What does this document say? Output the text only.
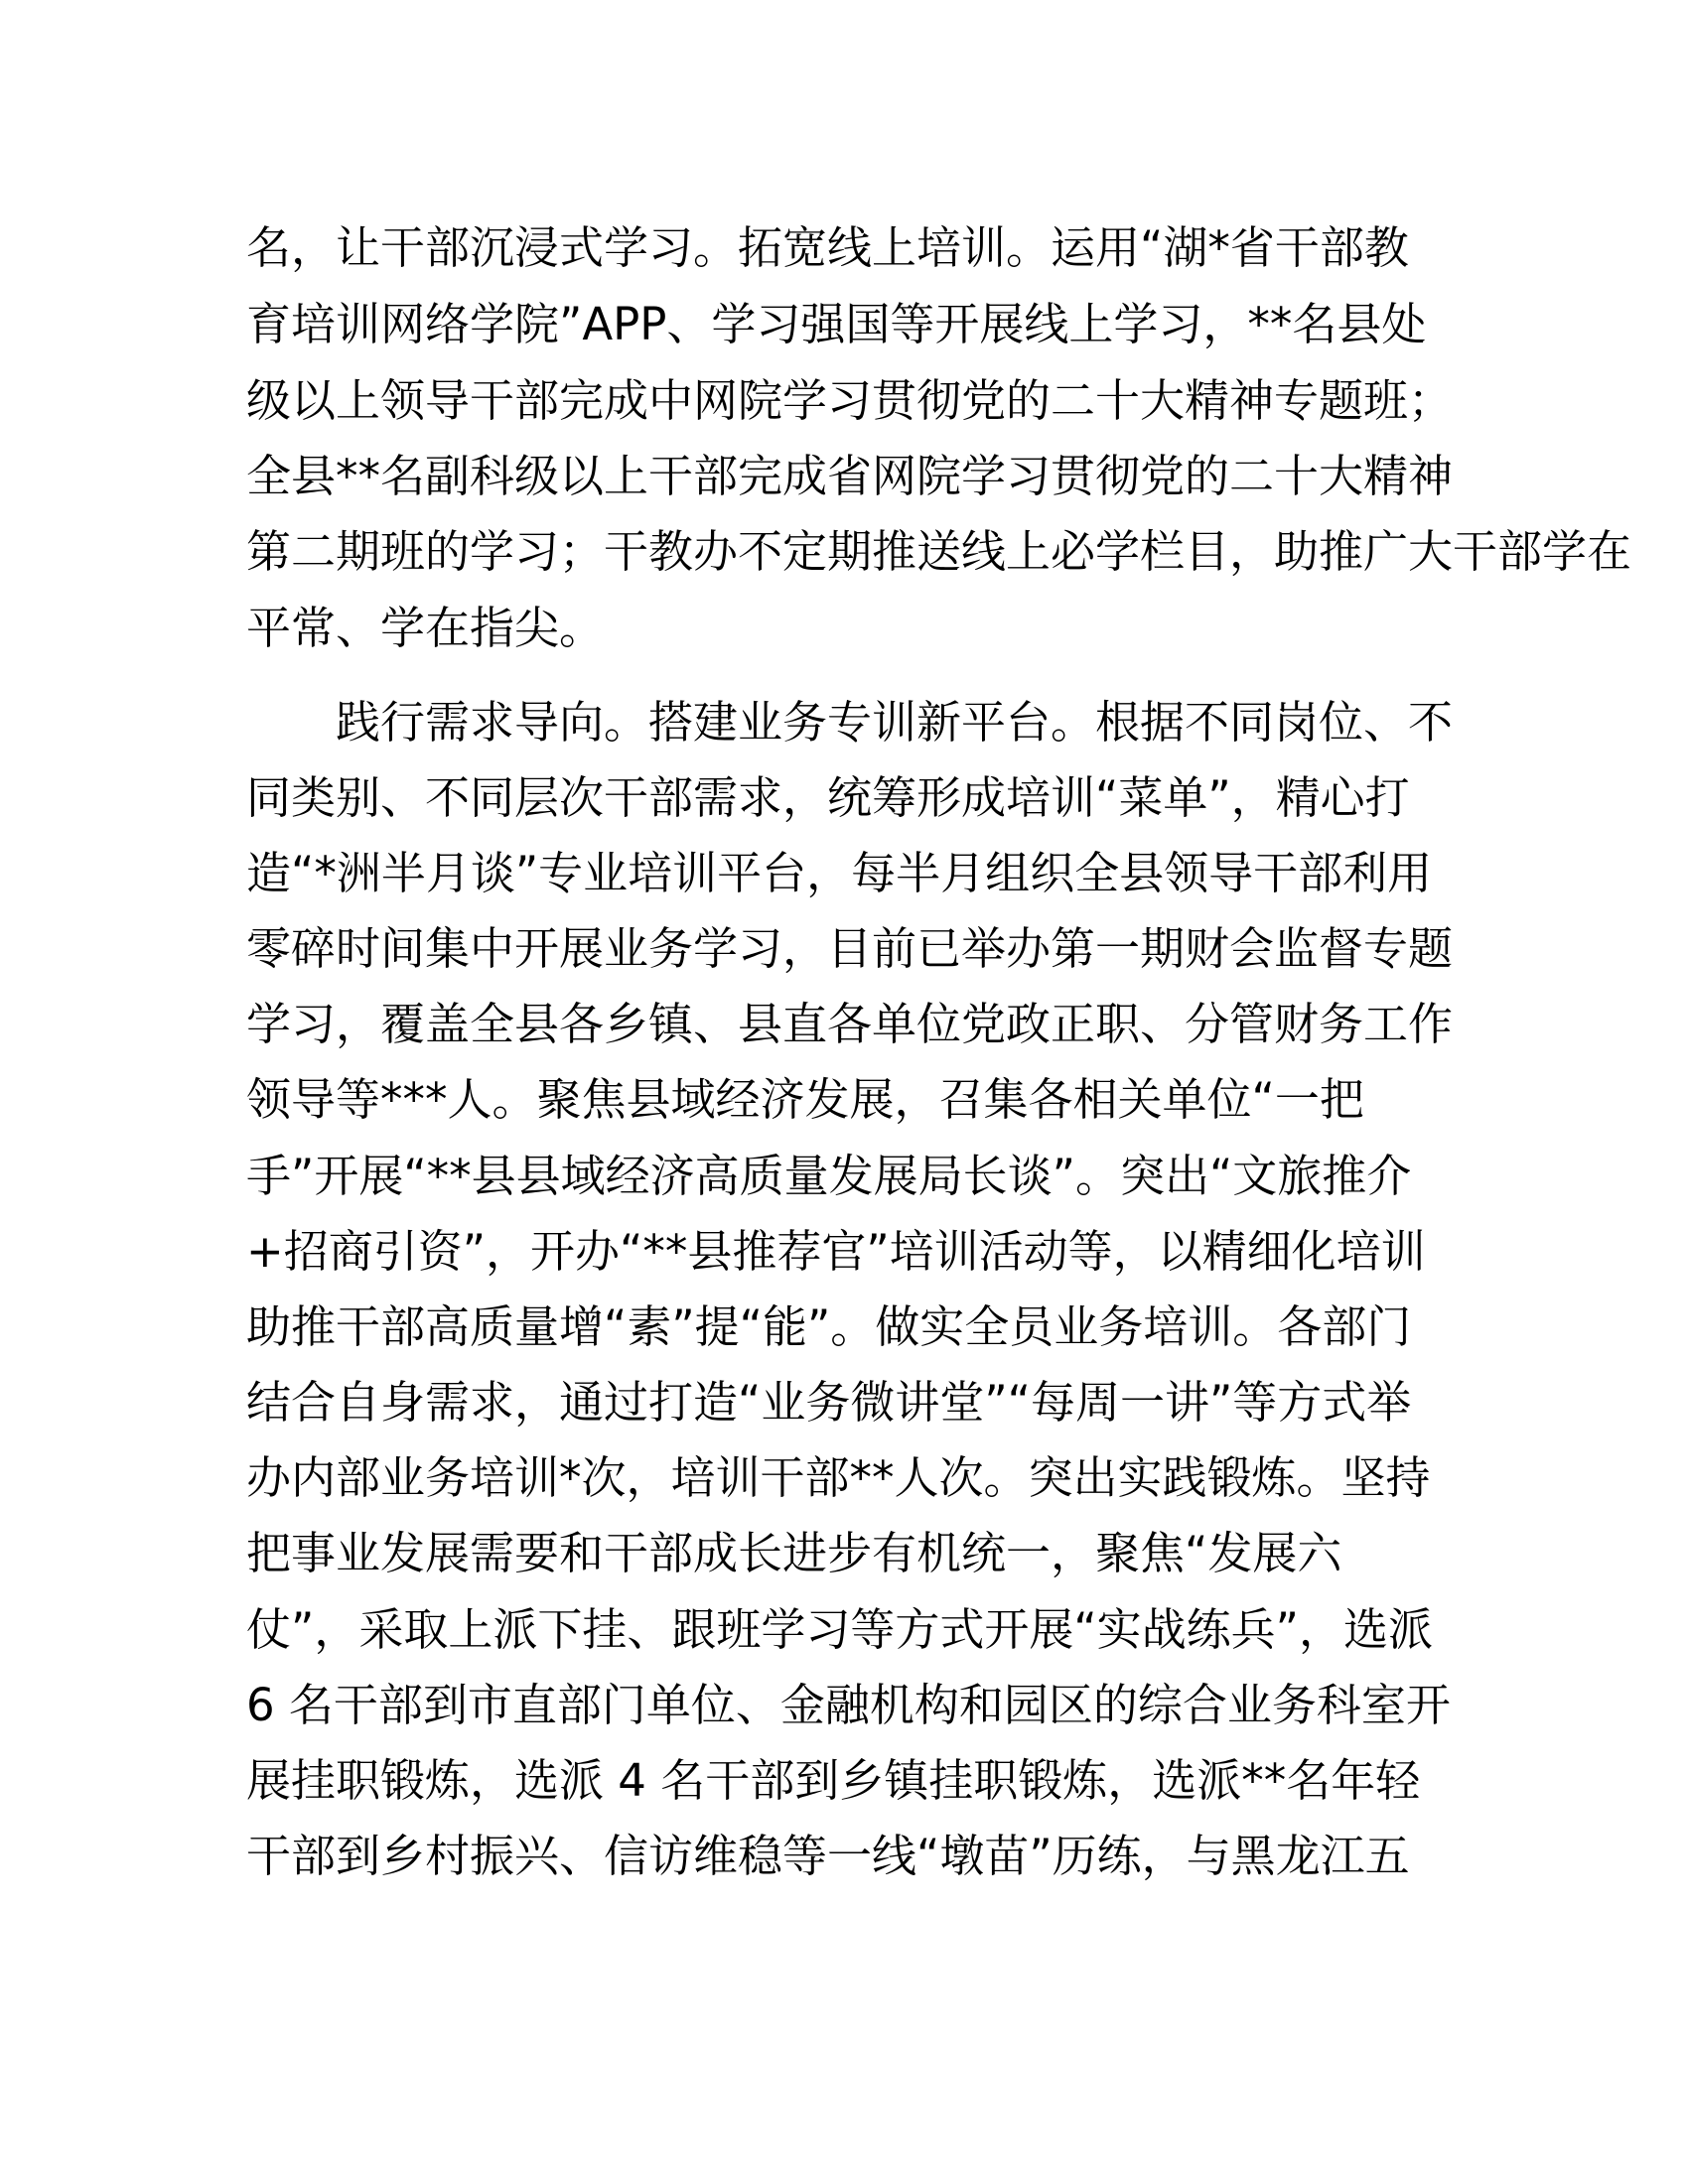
名，让干部沉浸式学习。拓宽线上培训。运用“湖*省干部教
育培训网络学院”APP、学习强国等开展线上学习，**名县处
级以上领导干部完成中网院学习贯彻党的二十大精神专题班；
全县**名副科级以上干部完成省网院学习贯彻党的二十大精神
第二期班的学习；干教办不定期推送线上必学栏目，助推广大干部学在
平常、学在指尖。
践行需求导向。搭建业务专训新平台。根据不同岗位、不
同类别、不同层次干部需求，统筹形成培训“菜单”，精心打
造“*洲半月谈”专业培训平台，每半月组织全县领导干部利用
零碎时间集中开展业务学习，目前已举办第一期财会监督专题
学习，覆盖全县各乡镇、县直各单位党政正职、分管财务工作
领导等***人。聚焦县域经济发展，召集各相关单位“一把
手”开展“**县县域经济高质量发展局长谈”。突出“文旅推介
+招商引资”，开办“**县推荐官”培训活动等，以精细化培训
助推干部高质量增“素”提“能”。做实全员业务培训。各部门
结合自身需求，通过打造“业务微讲堂”“每周一讲”等方式举
办内部业务培训*次，培训干部**人次。突出实践锻炼。坚持
把事业发展需要和干部成长进步有机统一，聚焦“发展六
仗”，采取上派下挂、跟班学习等方式开展“实战练兵”，选派
6 名干部到市直部门单位、金融机构和园区的综合业务科室开
展挂职锻炼，选派 4 名干部到乡镇挂职锻炼，选派**名年轻
干部到乡村振兴、信访维稳等一线“墩苗”历练，与黑龙江五
